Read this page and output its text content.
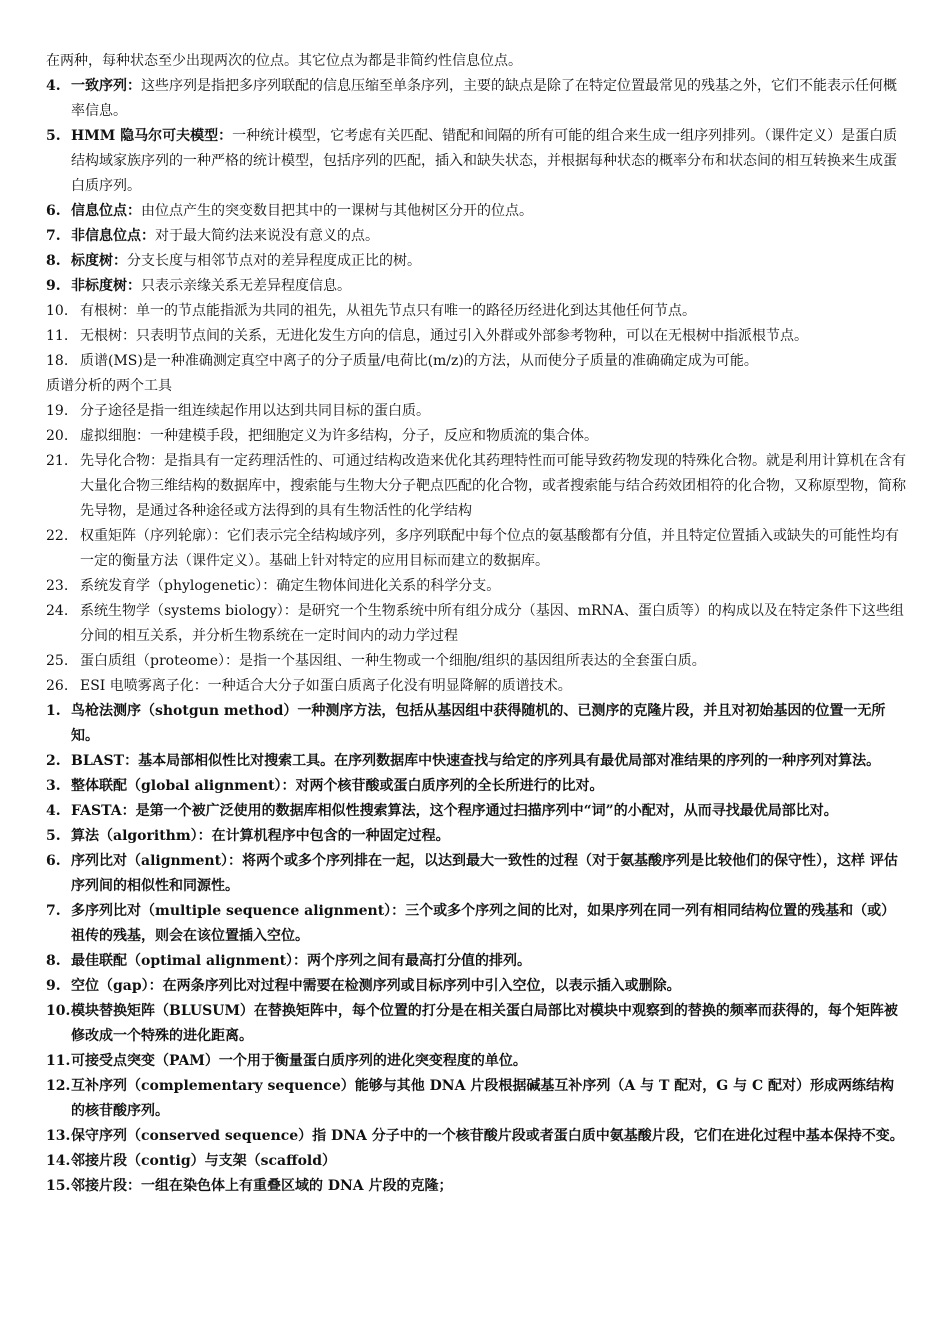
在两种，每种状态至少出现两次的位点。其它位点为都是非简约性信息位点。
4. 一致序列：这些序列是指把多序列联配的信息压缩至单条序列，主要的缺点是除了在特定位置最常见的残基之外，它们不能表示任何概率信息。
5. HMM 隐马尔可夫模型：一种统计模型，它考虑有关匹配、错配和间隔的所有可能的组合来生成一组序列排列。（课件定义）是蛋白质结构域家族序列的一种严格的统计模型，包括序列的匹配，插入和缺失状态，并根据每种状态的概率分布和状态间的相互转换来生成蛋白质序列。
6. 信息位点：由位点产生的突变数目把其中的一课树与其他树区分开的位点。
7. 非信息位点：对于最大简约法来说没有意义的点。
8. 标度树：分支长度与相邻节点对的差异程度成正比的树。
9. 非标度树：只表示亲缘关系无差异程度信息。
10. 有根树：单一的节点能指派为共同的祖先，从祖先节点只有唯一的路径历经进化到达其他任何节点。
11. 无根树：只表明节点间的关系，无进化发生方向的信息，通过引入外群或外部参考物种，可以在无根树中指派根节点。
18. 质谱(MS)是一种准确测定真空中离子的分子质量/电荷比(m/z)的方法，从而使分子质量的准确确定成为可能。
质谱分析的两个工具
19. 分子途径是指一组连续起作用以达到共同目标的蛋白质。
20. 虚拟细胞：一种建模手段，把细胞定义为许多结构，分子，反应和物质流的集合体。
21. 先导化合物：是指具有一定药理活性的、可通过结构改造来优化其药理特性而可能导致药物发现的特殊化合物。就是利用计算机在含有大量化合物三维结构的数据库中，搜索能与生物大分子靶点匹配的化合物，或者搜索能与结合药效团相符的化合物，又称原型物，简称先导物，是通过各种途径或方法得到的具有生物活性的化学结构
22. 权重矩阵（序列轮廓）：它们表示完全结构域序列，多序列联配中每个位点的氨基酸都有分值，并且特定位置插入或缺失的可能性均有一定的衡量方法（课件定义）。基础上针对特定的应用目标而建立的数据库。
23. 系统发育学（phylogenetic）：确定生物体间进化关系的科学分支。
24. 系统生物学（systems biology）：是研究一个生物系统中所有组分成分（基因、mRNA、蛋白质等）的构成以及在特定条件下这些组分间的相互关系，并分析生物系统在一定时间内的动力学过程
25. 蛋白质组（proteome）：是指一个基因组、一种生物或一个细胞/组织的基因组所表达的全套蛋白质。
26. ESI 电喷雾离子化：一种适合大分子如蛋白质离子化没有明显降解的质谱技术。
1. 鸟枪法测序（shotgun method）一种测序方法，包括从基因组中获得随机的、已测序的克隆片段，并且对初始基因的位置一无所知。
2. BLAST：基本局部相似性比对搜索工具。在序列数据库中快速查找与给定的序列具有最优局部对准结果的序列的一种序列对算法。
3. 整体联配（global alignment）：对两个核苷酸或蛋白质序列的全长所进行的比对。
4. FASTA：是第一个被广泛使用的数据库相似性搜索算法，这个程序通过扫描序列中“词”的小配对，从而寻找最优局部比对。
5. 算法（algorithm）：在计算机程序中包含的一种固定过程。
6. 序列比对（alignment）：将两个或多个序列排在一起，以达到最大一致性的过程（对于氨基酸序列是比较他们的保守性），这样 评估序列间的相似性和同源性。
7. 多序列比对（multiple sequence alignment）：三个或多个序列之间的比对，如果序列在同一列有相同结构位置的残基和（或）祖传的残基，则会在该位置插入空位。
8. 最佳联配（optimal alignment）：两个序列之间有最高打分值的排列。
9. 空位（gap）：在两条序列比对过程中需要在检测序列或目标序列中引入空位，以表示插入或删除。
10. 模块替换矩阵（BLUSUM）在替换矩阵中，每个位置的打分是在相关蛋白局部比对模块中观察到的替换的频率而获得的，每个矩阵被修改成一个特殊的进化距离。
11. 可接受点突变（PAM）一个用于衡量蛋白质序列的进化突变程度的单位。
12. 互补序列（complementary sequence）能够与其他 DNA 片段根据碱基互补序列（A 与 T 配对，G 与 C 配对）形成两练结构的核苷酸序列。
13. 保守序列（conserved sequence）指 DNA 分子中的一个核苷酸片段或者蛋白质中氨基酸片段，它们在进化过程中基本保持不变。
14. 邻接片段（contig）与支架（scaffold）
15. 邻接片段：一组在染色体上有重叠区域的 DNA 片段的克隆；
